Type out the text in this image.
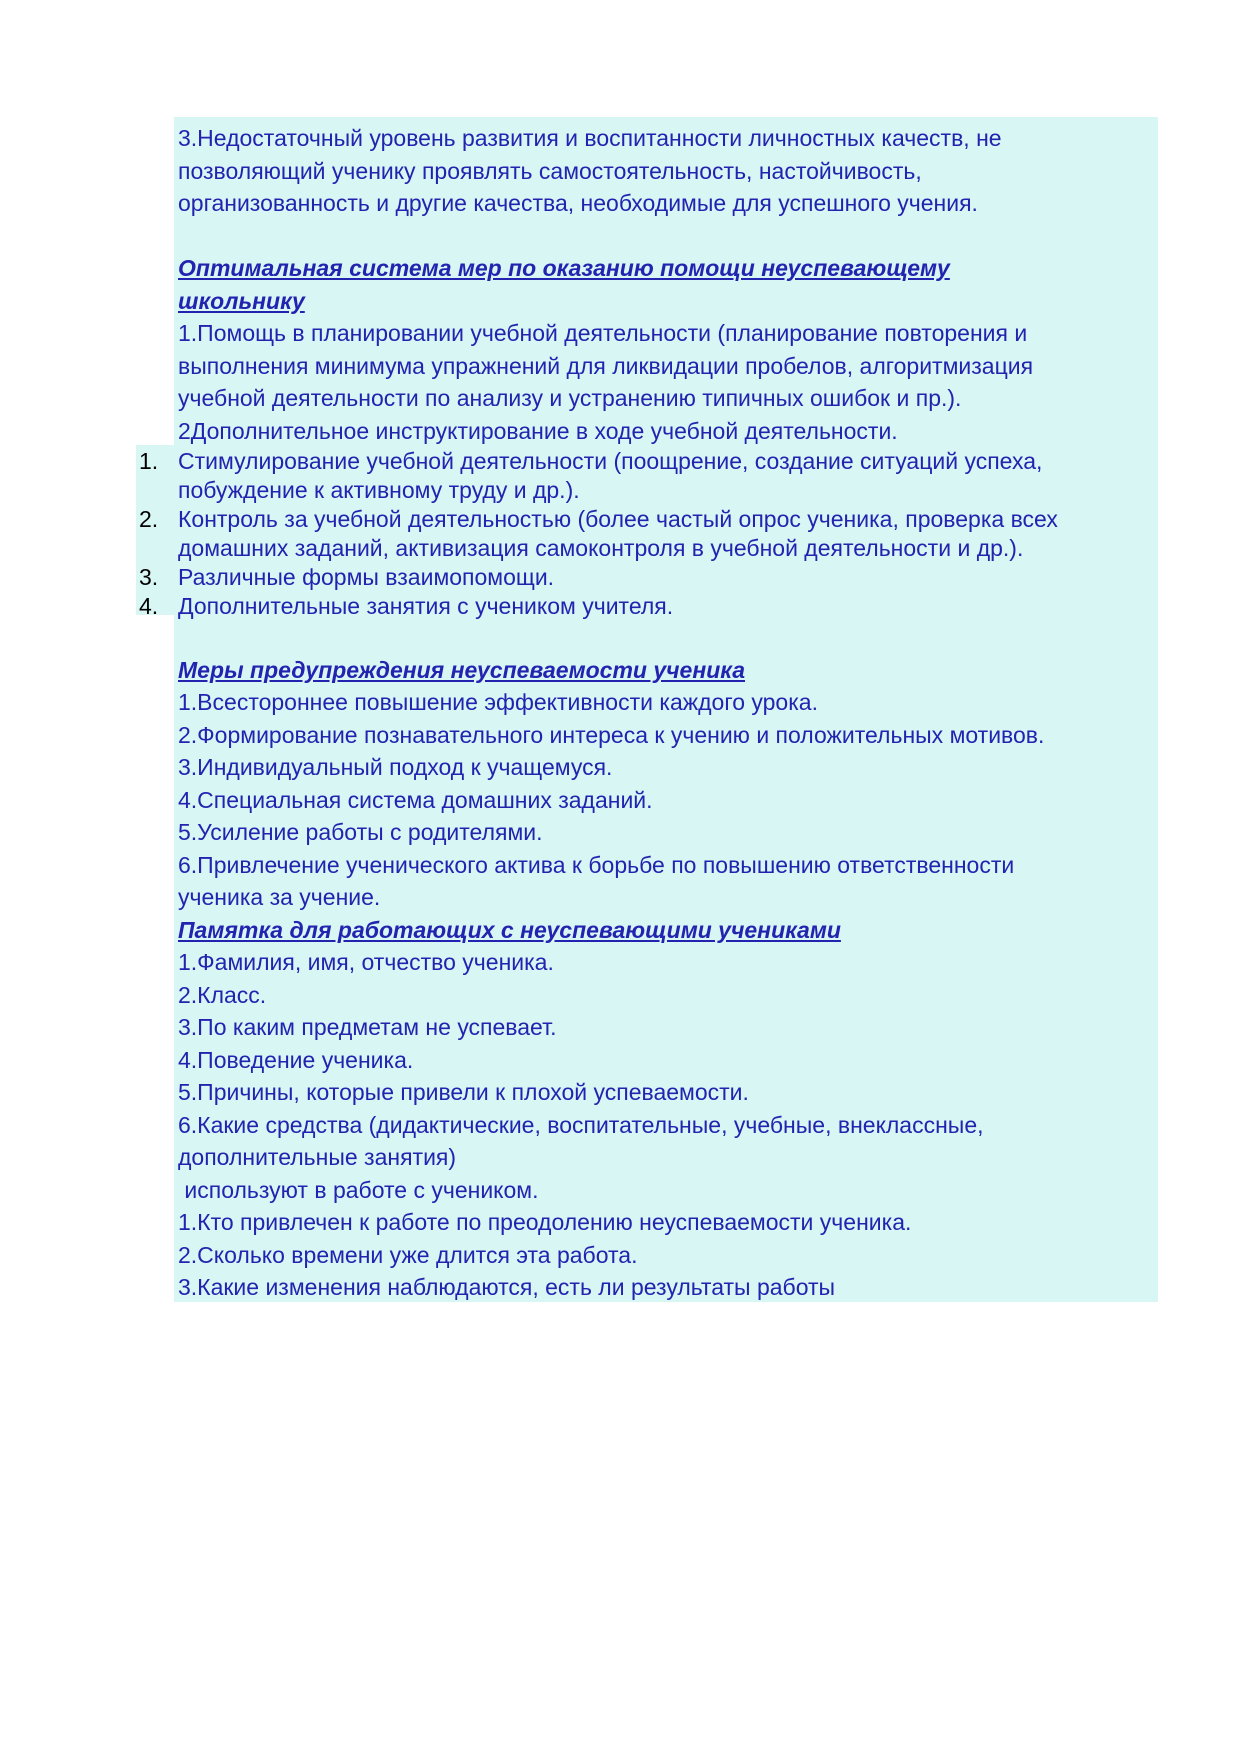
3.Недостаточный уровень развития и воспитанности личностных качеств, не

позволяющий ученику проявлять самостоятельность, настойчивость,

организованность и другие качества, необходимые для успешного учения.

Оптимальная система мер по оказанию помощи неуспевающему

школьнику

1.Помощь в планировании учебной деятельности (планирование повторения и

выполнения минимума упражнений для ликвидации пробелов, алгоритмизация

учебной деятельности по анализу и устранению типичных ошибок и пр.).

2Дополнительное инструктирование в ходе учебной деятельности.

1. Стимулирование учебной деятельности (поощрение, создание ситуаций успеха,
побуждение к активному труду и др.).
2. Контроль за учебной деятельностью (более частый опрос ученика, проверка всех
домашних заданий, активизация самоконтроля в учебной деятельности и др.).
3. Различные формы взаимопомощи.
4. Дополнительные занятия с учеником учителя.

Меры предупреждения неуспеваемости ученика

1.Всестороннее повышение эффективности каждого урока.

2.Формирование познавательного интереса к учению и положительных мотивов.

3.Индивидуальный подход к учащемуся.

4.Специальная система домашних заданий.

5.Усиление работы с родителями.

6.Привлечение ученического актива к борьбе по повышению ответственности

ученика за учение.

Памятка для работающих с неуспевающими учениками

1.Фамилия, имя, отчество ученика.

2.Класс.

3.По каким предметам не успевает.

4.Поведение ученика.

5.Причины, которые привели к плохой успеваемости.

6.Какие средства (дидактические, воспитательные, учебные, внеклассные,

дополнительные занятия)

используют в работе с учеником.

1.Кто привлечен к работе по преодолению неуспеваемости ученика.

2.Сколько времени уже длится эта работа.

3.Какие изменения наблюдаются, есть ли результаты работы
